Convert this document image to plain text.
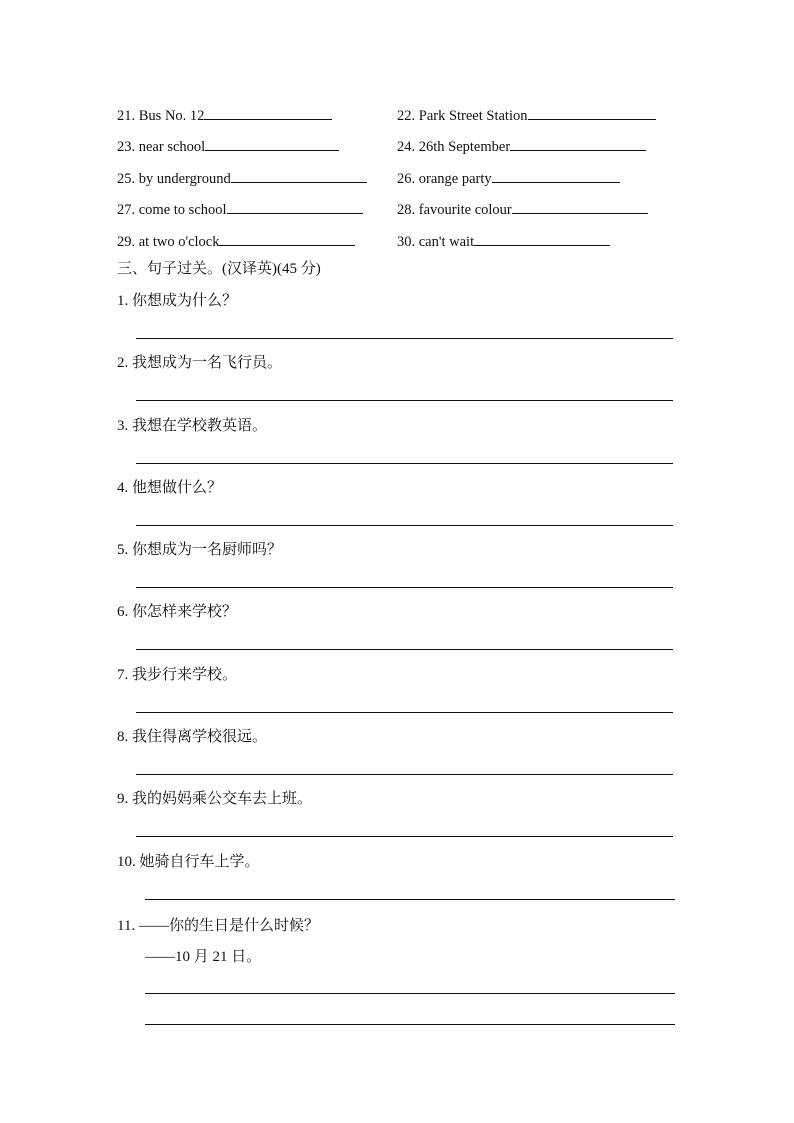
21. Bus No. 12	22. Park Street Station
23. near school	24. 26th September
25. by underground	26. orange party
27. come to school	28. favourite colour
29. at two o'clock	30. can't wait
三、句子过关。(汉译英)(45 分)
1. 你想成为什么？
2. 我想成为一名飞行员。
3. 我想在学校教英语。
4. 他想做什么？
5. 你想成为一名厨师吗？
6. 你怎样来学校？
7. 我步行来学校。
8. 我住得离学校很远。
9. 我的妈妈乘公交车去上班。
10. 她骑自行车上学。
11. ——你的生日是什么时候？
——10 月 21 日。
